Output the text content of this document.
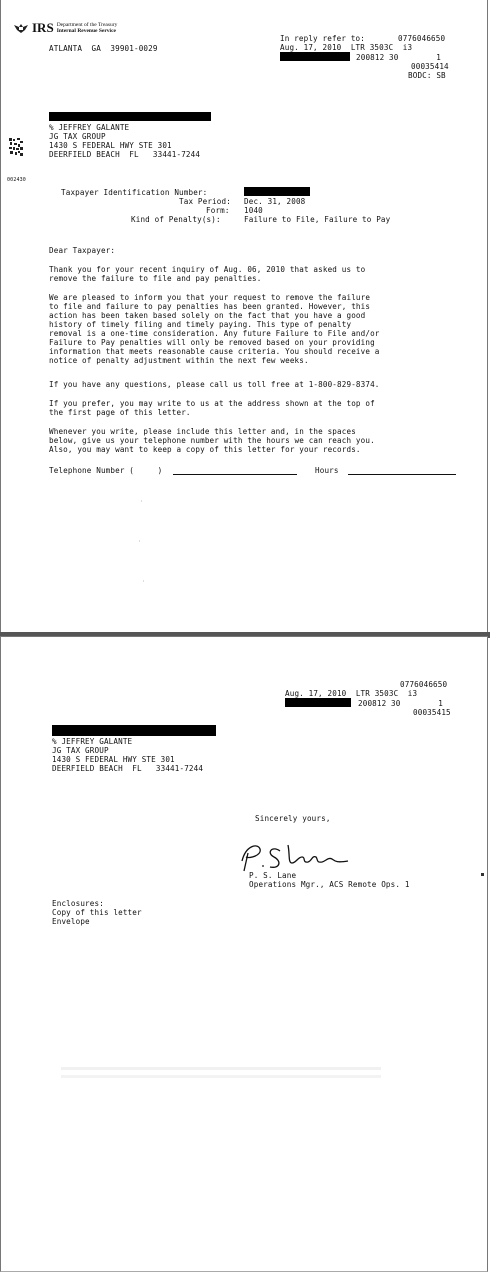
IRS Department of the Treasury
Internal Revenue Service
ATLANTA  GA  39901-0029
In reply refer to:	0776046650
Aug. 17, 2010  LTR 3503C  i3
200812 30        1
00035414
BODC: SB
% JEFFREY GALANTE
JG TAX GROUP
1430 S FEDERAL HWY STE 301
DEERFIELD BEACH  FL   33441-7244
002430
Taxpayer Identification Number:
Tax Period: Dec. 31, 2008
Form: 1040
Kind of Penalty(s):	Failure to File, Failure to Pay
Dear Taxpayer:
Thank you for your recent inquiry of Aug. 06, 2010 that asked us to
remove the failure to file and pay penalties.
We are pleased to inform you that your request to remove the failure
to file and failure to pay penalties has been granted. However, this
action has been taken based solely on the fact that you have a good
history of timely filing and timely paying. This type of penalty
removal is a one-time consideration. Any future Failure to File and/or
Failure to Pay penalties will only be removed based on your providing
information that meets reasonable cause criteria. You should receive a
notice of penalty adjustment within the next few weeks.
If you have any questions, please call us toll free at 1-800-829-8374.
If you prefer, you may write to us at the address shown at the top of
the first page of this letter.
Whenever you write, please include this letter and, in the spaces
below, give us your telephone number with the hours we can reach you.
Also, you may want to keep a copy of this letter for your records.
Telephone Number (     )	Hours
0776046650
Aug. 17, 2010  LTR 3503C  i3
200812 30        1
00035415
% JEFFREY GALANTE
JG TAX GROUP
1430 S FEDERAL HWY STE 301
DEERFIELD BEACH  FL   33441-7244
Sincerely yours,
P. S. Lane
Operations Mgr., ACS Remote Ops. 1
Enclosures:
Copy of this letter
Envelope
